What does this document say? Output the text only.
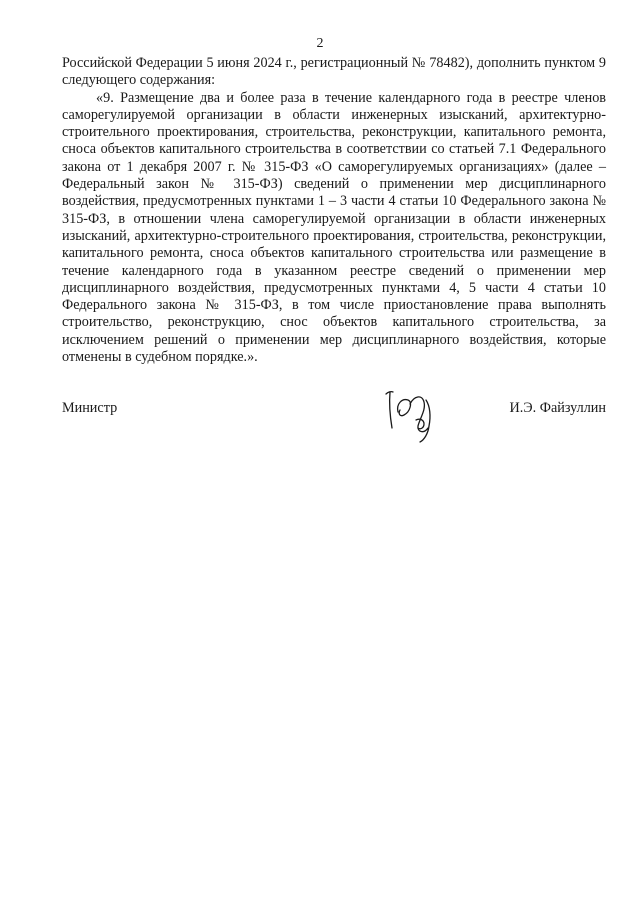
2

Российской Федерации 5 июня 2024 г., регистрационный № 78482), дополнить пунктом 9 следующего содержания:

«9. Размещение два и более раза в течение календарного года в реестре членов саморегулируемой организации в области инженерных изысканий, архитектурно-строительного проектирования, строительства, реконструкции, капитального ремонта, сноса объектов капитального строительства в соответствии со статьей 7.1 Федерального закона от 1 декабря 2007 г. № 315-ФЗ «О саморегулируемых организациях» (далее – Федеральный закон № 315-ФЗ) сведений о применении мер дисциплинарного воздействия, предусмотренных пунктами 1 – 3 части 4 статьи 10 Федерального закона № 315-ФЗ, в отношении члена саморегулируемой организации в области инженерных изысканий, архитектурно-строительного проектирования, строительства, реконструкции, капитального ремонта, сноса объектов капитального строительства или размещение в течение календарного года в указанном реестре сведений о применении мер дисциплинарного воздействия, предусмотренных пунктами 4, 5 части 4 статьи 10 Федерального закона № 315-ФЗ, в том числе приостановление права выполнять строительство, реконструкцию, снос объектов капитального строительства, за исключением решений о применении мер дисциплинарного воздействия, которые отменены в судебном порядке.».

Министр	И.Э. Файзуллин
